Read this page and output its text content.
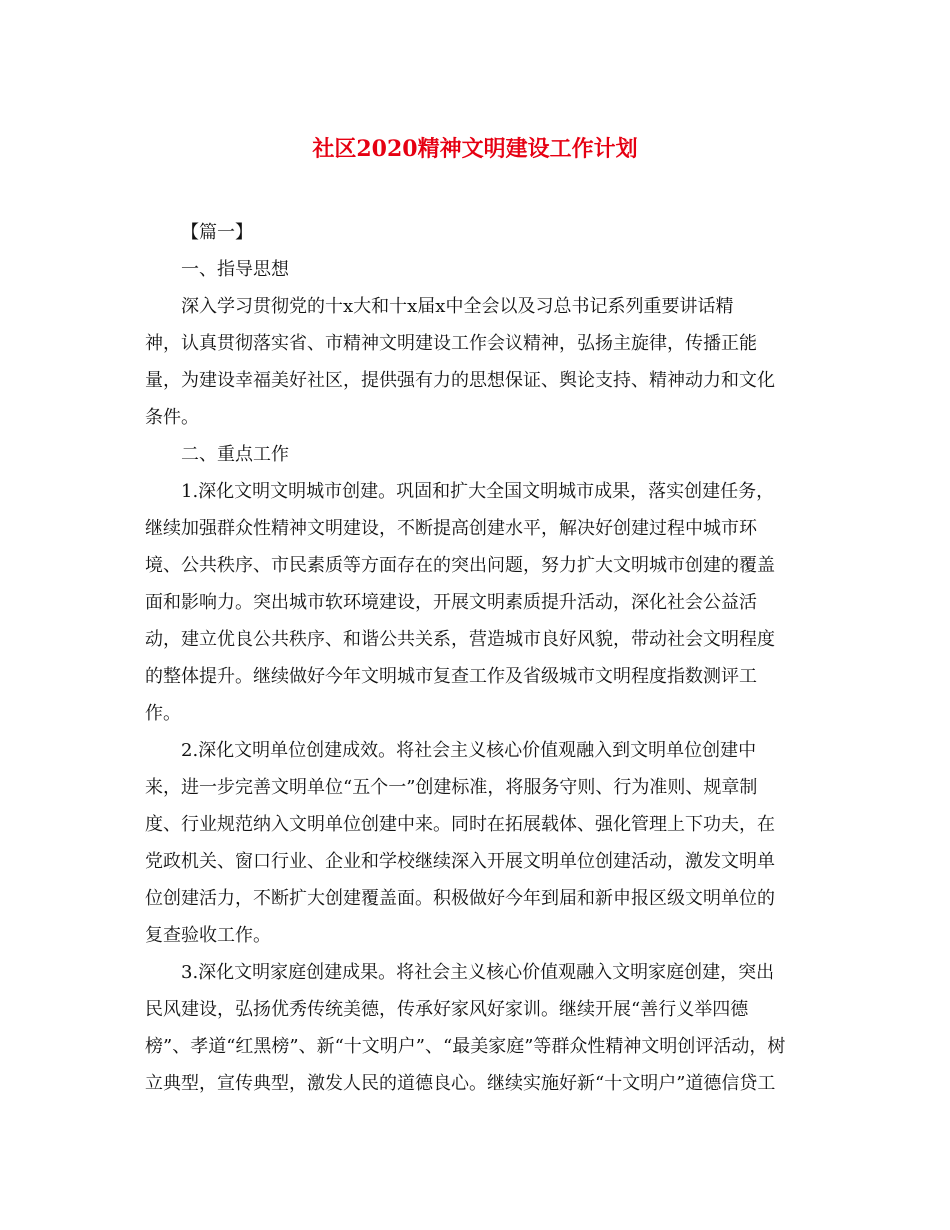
社区2020精神文明建设工作计划
【篇一】
一、指导思想
深入学习贯彻党的十x大和十x届x中全会以及习总书记系列重要讲话精
神，认真贯彻落实省、市精神文明建设工作会议精神，弘扬主旋律，传播正能
量，为建设幸福美好社区，提供强有力的思想保证、舆论支持、精神动力和文化
条件。
二、重点工作
1.深化文明文明城市创建。巩固和扩大全国文明城市成果，落实创建任务，
继续加强群众性精神文明建设，不断提高创建水平，解决好创建过程中城市环
境、公共秩序、市民素质等方面存在的突出问题，努力扩大文明城市创建的覆盖
面和影响力。突出城市软环境建设，开展文明素质提升活动，深化社会公益活
动，建立优良公共秩序、和谐公共关系，营造城市良好风貌，带动社会文明程度
的整体提升。继续做好今年文明城市复查工作及省级城市文明程度指数测评工
作。
2.深化文明单位创建成效。将社会主义核心价值观融入到文明单位创建中
来，进一步完善文明单位“五个一”创建标准，将服务守则、行为准则、规章制
度、行业规范纳入文明单位创建中来。同时在拓展载体、强化管理上下功夫，在
党政机关、窗口行业、企业和学校继续深入开展文明单位创建活动，激发文明单
位创建活力，不断扩大创建覆盖面。积极做好今年到届和新申报区级文明单位的
复查验收工作。
3.深化文明家庭创建成果。将社会主义核心价值观融入文明家庭创建，突出
民风建设，弘扬优秀传统美德，传承好家风好家训。继续开展“善行义举四德
榜”、孝道“红黑榜”、新“十文明户”、“最美家庭”等群众性精神文明创评活动，树
立典型，宣传典型，激发人民的道德良心。继续实施好新“十文明户”道德信贷工
